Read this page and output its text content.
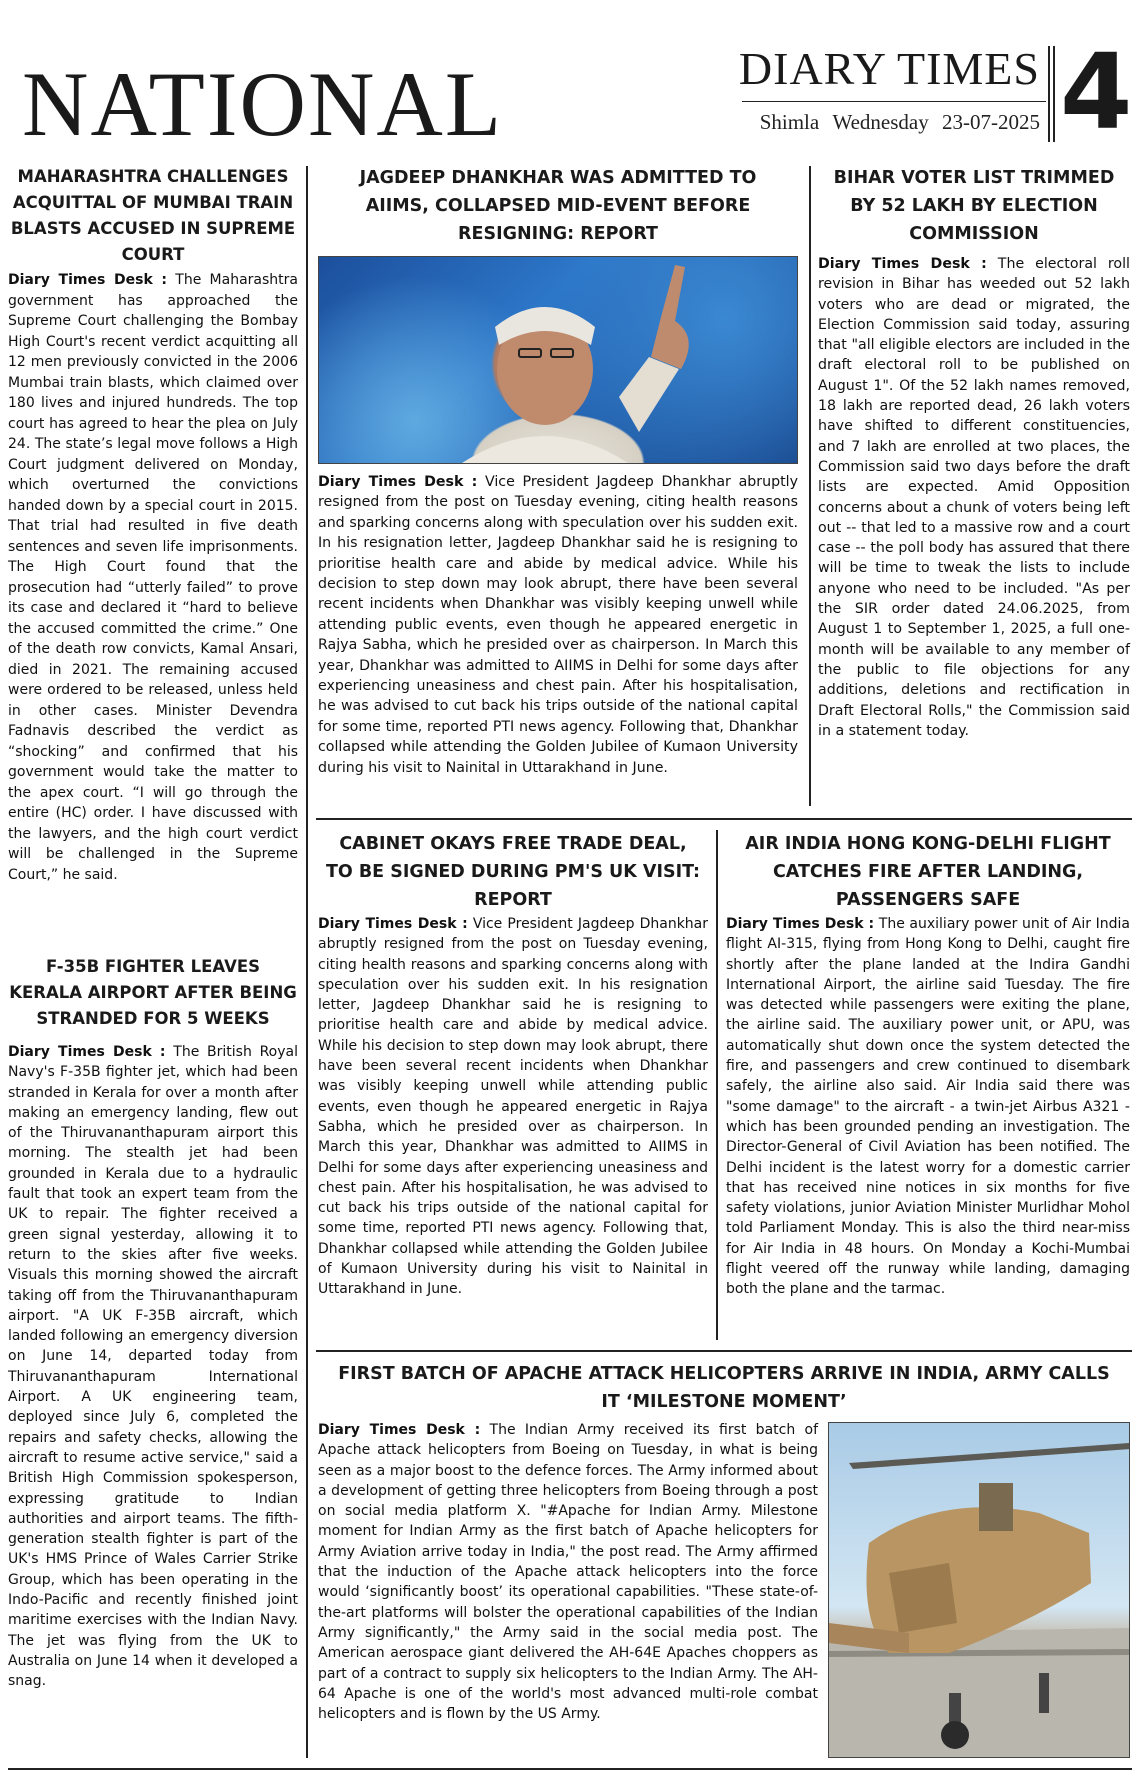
NATIONAL	DIARY TIMES
Shimla Wednesday 23-07-2025 4
MAHARASHTRA CHALLENGES ACQUITTAL OF MUMBAI TRAIN BLASTS ACCUSED IN SUPREME COURT
Diary Times Desk : The Maharashtra government has approached the Supreme Court challenging the Bombay High Court's recent verdict acquitting all 12 men previously convicted in the 2006 Mumbai train blasts, which claimed over 180 lives and injured hundreds. The top court has agreed to hear the plea on July 24. The state’s legal move follows a High Court judgment delivered on Monday, which overturned the convictions handed down by a special court in 2015. That trial had resulted in five death sentences and seven life imprisonments. The High Court found that the prosecution had “utterly failed” to prove its case and declared it “hard to believe the accused committed the crime.” One of the death row convicts, Kamal Ansari, died in 2021. The remaining accused were ordered to be released, unless held in other cases. Minister Devendra Fadnavis described the verdict as “shocking” and confirmed that his government would take the matter to the apex court. “I will go through the entire (HC) order. I have discussed with the lawyers, and the high court verdict will be challenged in the Supreme Court,” he said.
F-35B FIGHTER LEAVES KERALA AIRPORT AFTER BEING STRANDED FOR 5 WEEKS
Diary Times Desk : The British Royal Navy's F-35B fighter jet, which had been stranded in Kerala for over a month after making an emergency landing, flew out of the Thiruvananthapuram airport this morning. The stealth jet had been grounded in Kerala due to a hydraulic fault that took an expert team from the UK to repair. The fighter received a green signal yesterday, allowing it to return to the skies after five weeks. Visuals this morning showed the aircraft taking off from the Thiruvananthapuram airport. "A UK F-35B aircraft, which landed following an emergency diversion on June 14, departed today from Thiruvananthapuram International Airport. A UK engineering team, deployed since July 6, completed the repairs and safety checks, allowing the aircraft to resume active service," said a British High Commission spokesperson, expressing gratitude to Indian authorities and airport teams. The fifth-generation stealth fighter is part of the UK's HMS Prince of Wales Carrier Strike Group, which has been operating in the Indo-Pacific and recently finished joint maritime exercises with the Indian Navy. The jet was flying from the UK to Australia on June 14 when it developed a snag.
JAGDEEP DHANKHAR WAS ADMITTED TO AIIMS, COLLAPSED MID-EVENT BEFORE RESIGNING: REPORT
Diary Times Desk : Vice President Jagdeep Dhankhar abruptly resigned from the post on Tuesday evening, citing health reasons and sparking concerns along with speculation over his sudden exit. In his resignation letter, Jagdeep Dhankhar said he is resigning to prioritise health care and abide by medical advice. While his decision to step down may look abrupt, there have been several recent incidents when Dhankhar was visibly keeping unwell while attending public events, even though he appeared energetic in Rajya Sabha, which he presided over as chairperson. In March this year, Dhankhar was admitted to AIIMS in Delhi for some days after experiencing uneasiness and chest pain. After his hospitalisation, he was advised to cut back his trips outside of the national capital for some time, reported PTI news agency. Following that, Dhankhar collapsed while attending the Golden Jubilee of Kumaon University during his visit to Nainital in Uttarakhand in June.
BIHAR VOTER LIST TRIMMED BY 52 LAKH BY ELECTION COMMISSION
Diary Times Desk : The electoral roll revision in Bihar has weeded out 52 lakh voters who are dead or migrated, the Election Commission said today, assuring that "all eligible electors are included in the draft electoral roll to be published on August 1". Of the 52 lakh names removed, 18 lakh are reported dead, 26 lakh voters have shifted to different constituencies, and 7 lakh are enrolled at two places, the Commission said two days before the draft lists are expected. Amid Opposition concerns about a chunk of voters being left out -- that led to a massive row and a court case -- the poll body has assured that there will be time to tweak the lists to include anyone who need to be included. "As per the SIR order dated 24.06.2025, from August 1 to September 1, 2025, a full one-month will be available to any member of the public to file objections for any additions, deletions and rectification in Draft Electoral Rolls," the Commission said in a statement today.
CABINET OKAYS FREE TRADE DEAL, TO BE SIGNED DURING PM'S UK VISIT: REPORT
Diary Times Desk : Vice President Jagdeep Dhankhar abruptly resigned from the post on Tuesday evening, citing health reasons and sparking concerns along with speculation over his sudden exit. In his resignation letter, Jagdeep Dhankhar said he is resigning to prioritise health care and abide by medical advice. While his decision to step down may look abrupt, there have been several recent incidents when Dhankhar was visibly keeping unwell while attending public events, even though he appeared energetic in Rajya Sabha, which he presided over as chairperson. In March this year, Dhankhar was admitted to AIIMS in Delhi for some days after experiencing uneasiness and chest pain. After his hospitalisation, he was advised to cut back his trips outside of the national capital for some time, reported PTI news agency. Following that, Dhankhar collapsed while attending the Golden Jubilee of Kumaon University during his visit to Nainital in Uttarakhand in June.
AIR INDIA HONG KONG-DELHI FLIGHT CATCHES FIRE AFTER LANDING, PASSENGERS SAFE
Diary Times Desk : The auxiliary power unit of Air India flight AI-315, flying from Hong Kong to Delhi, caught fire shortly after the plane landed at the Indira Gandhi International Airport, the airline said Tuesday. The fire was detected while passengers were exiting the plane, the airline said. The auxiliary power unit, or APU, was automatically shut down once the system detected the fire, and passengers and crew continued to disembark safely, the airline also said. Air India said there was "some damage" to the aircraft - a twin-jet Airbus A321 - which has been grounded pending an investigation. The Director-General of Civil Aviation has been notified. The Delhi incident is the latest worry for a domestic carrier that has received nine notices in six months for five safety violations, junior Aviation Minister Murlidhar Mohol told Parliament Monday. This is also the third near-miss for Air India in 48 hours. On Monday a Kochi-Mumbai flight veered off the runway while landing, damaging both the plane and the tarmac.
FIRST BATCH OF APACHE ATTACK HELICOPTERS ARRIVE IN INDIA, ARMY CALLS IT ‘MILESTONE MOMENT’
Diary Times Desk : The Indian Army received its first batch of Apache attack helicopters from Boeing on Tuesday, in what is being seen as a major boost to the defence forces. The Army informed about a development of getting three helicopters from Boeing through a post on social media platform X. "#Apache for Indian Army. Milestone moment for Indian Army as the first batch of Apache helicopters for Army Aviation arrive today in India," the post read. The Army affirmed that the induction of the Apache attack helicopters into the force would ‘significantly boost’ its operational capabilities. "These state-of-the-art platforms will bolster the operational capabilities of the Indian Army significantly," the Army said in the social media post. The American aerospace giant delivered the AH-64E Apaches choppers as part of a contract to supply six helicopters to the Indian Army. The AH-64 Apache is one of the world's most advanced multi-role combat helicopters and is flown by the US Army.
